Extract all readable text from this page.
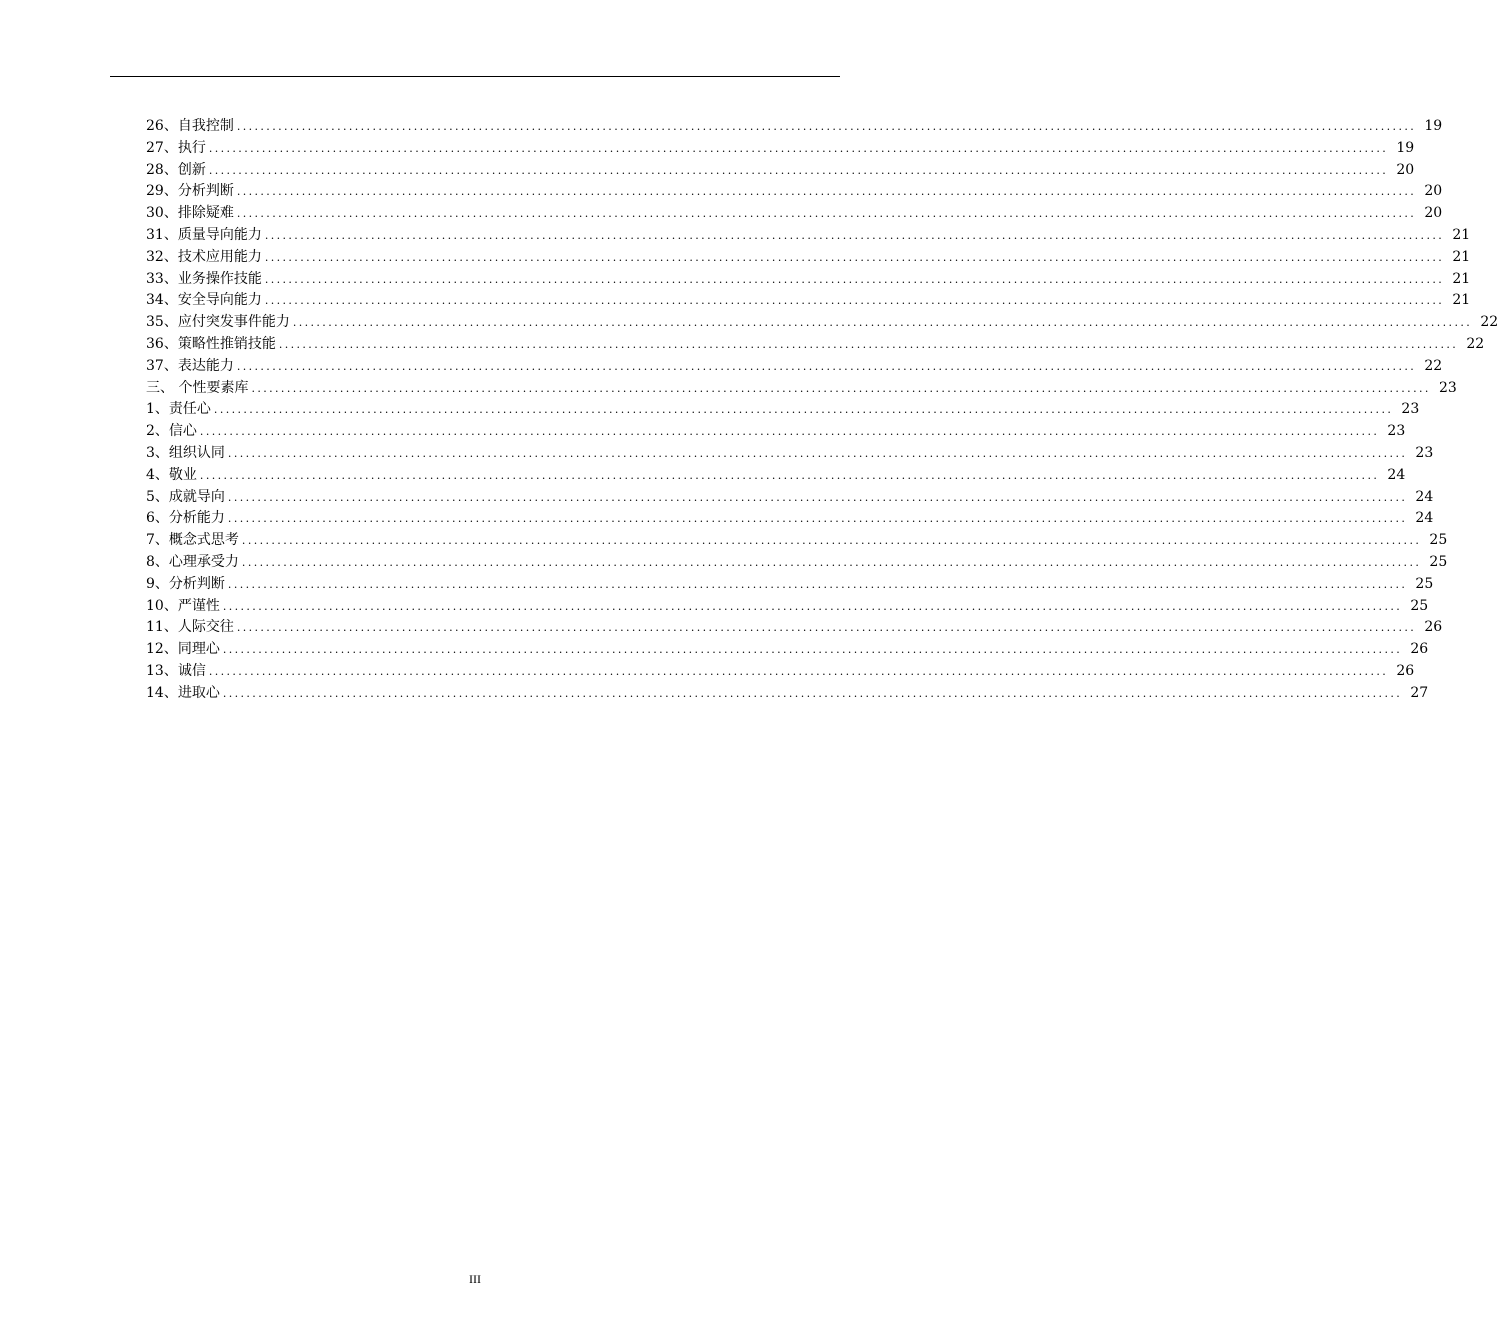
26、自我控制 ........................................................................................................................................................................................................ 19
27、执行 ........................................................................................................................................................................................................ 19
28、创新 ........................................................................................................................................................................................................ 20
29、分析判断 ........................................................................................................................................................................................................ 20
30、排除疑难 ........................................................................................................................................................................................................ 20
31、质量导向能力 ........................................................................................................................................................................................................ 21
32、技术应用能力 ........................................................................................................................................................................................................ 21
33、业务操作技能 ........................................................................................................................................................................................................ 21
34、安全导向能力 ........................................................................................................................................................................................................ 21
35、应付突发事件能力 ........................................................................................................................................................................................................ 22
36、策略性推销技能 ........................................................................................................................................................................................................ 22
37、表达能力 ........................................................................................................................................................................................................ 22
三、 个性要素库 ........................................................................................................................................................................................................ 23
1、责任心 ........................................................................................................................................................................................................ 23
2、信心 ........................................................................................................................................................................................................ 23
3、组织认同 ........................................................................................................................................................................................................ 23
4、敬业 ........................................................................................................................................................................................................ 24
5、成就导向 ........................................................................................................................................................................................................ 24
6、分析能力 ........................................................................................................................................................................................................ 24
7、概念式思考 ........................................................................................................................................................................................................ 25
8、心理承受力 ........................................................................................................................................................................................................ 25
9、分析判断 ........................................................................................................................................................................................................ 25
10、严谨性 ........................................................................................................................................................................................................ 25
11、人际交往 ........................................................................................................................................................................................................ 26
12、同理心 ........................................................................................................................................................................................................ 26
13、诚信 ........................................................................................................................................................................................................ 26
14、进取心 ........................................................................................................................................................................................................ 27
III
